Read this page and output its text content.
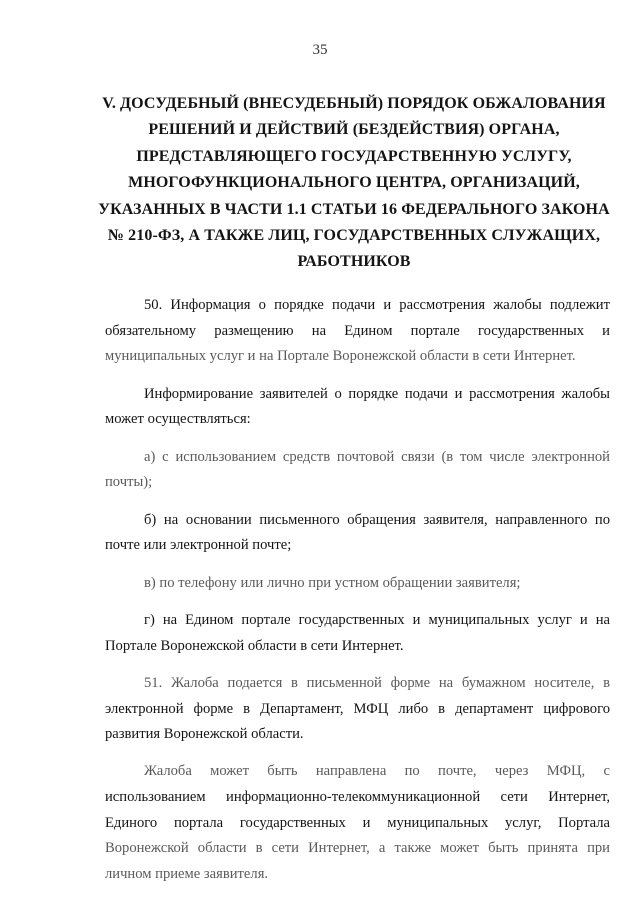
35

V. ДОСУДЕБНЫЙ (ВНЕСУДЕБНЫЙ) ПОРЯДОК ОБЖАЛОВАНИЯ
РЕШЕНИЙ И ДЕЙСТВИЙ (БЕЗДЕЙСТВИЯ) ОРГАНА,
ПРЕДСТАВЛЯЮЩЕГО ГОСУДАРСТВЕННУЮ УСЛУГУ,
МНОГОФУНКЦИОНАЛЬНОГО ЦЕНТРА, ОРГАНИЗАЦИЙ,
УКАЗАННЫХ В ЧАСТИ 1.1 СТАТЬИ 16 ФЕДЕРАЛЬНОГО ЗАКОНА
№ 210-ФЗ, А ТАКЖЕ ЛИЦ, ГОСУДАРСТВЕННЫХ СЛУЖАЩИХ,
РАБОТНИКОВ
50. Информация о порядке подачи и рассмотрения жалобы подлежит
обязательному размещению на Едином портале государственных и
муниципальных услуг и на Портале Воронежской области в сети Интернет.
Информирование заявителей о порядке подачи и рассмотрения жалобы
может осуществляться:
а) с использованием средств почтовой связи (в том числе электронной
почты);
б) на основании письменного обращения заявителя, направленного по
почте или электронной почте;
в) по телефону или лично при устном обращении заявителя;
г) на Едином портале государственных и муниципальных услуг и на
Портале Воронежской области в сети Интернет.
51. Жалоба подается в письменной форме на бумажном носителе, в
электронной форме в Департамент, МФЦ либо в департамент цифрового
развития Воронежской области.
Жалоба может быть направлена по почте, через МФЦ, с
использованием информационно-телекоммуникационной сети Интернет,
Единого портала государственных и муниципальных услуг, Портала
Воронежской области в сети Интернет, а также может быть принята при
личном приеме заявителя.
